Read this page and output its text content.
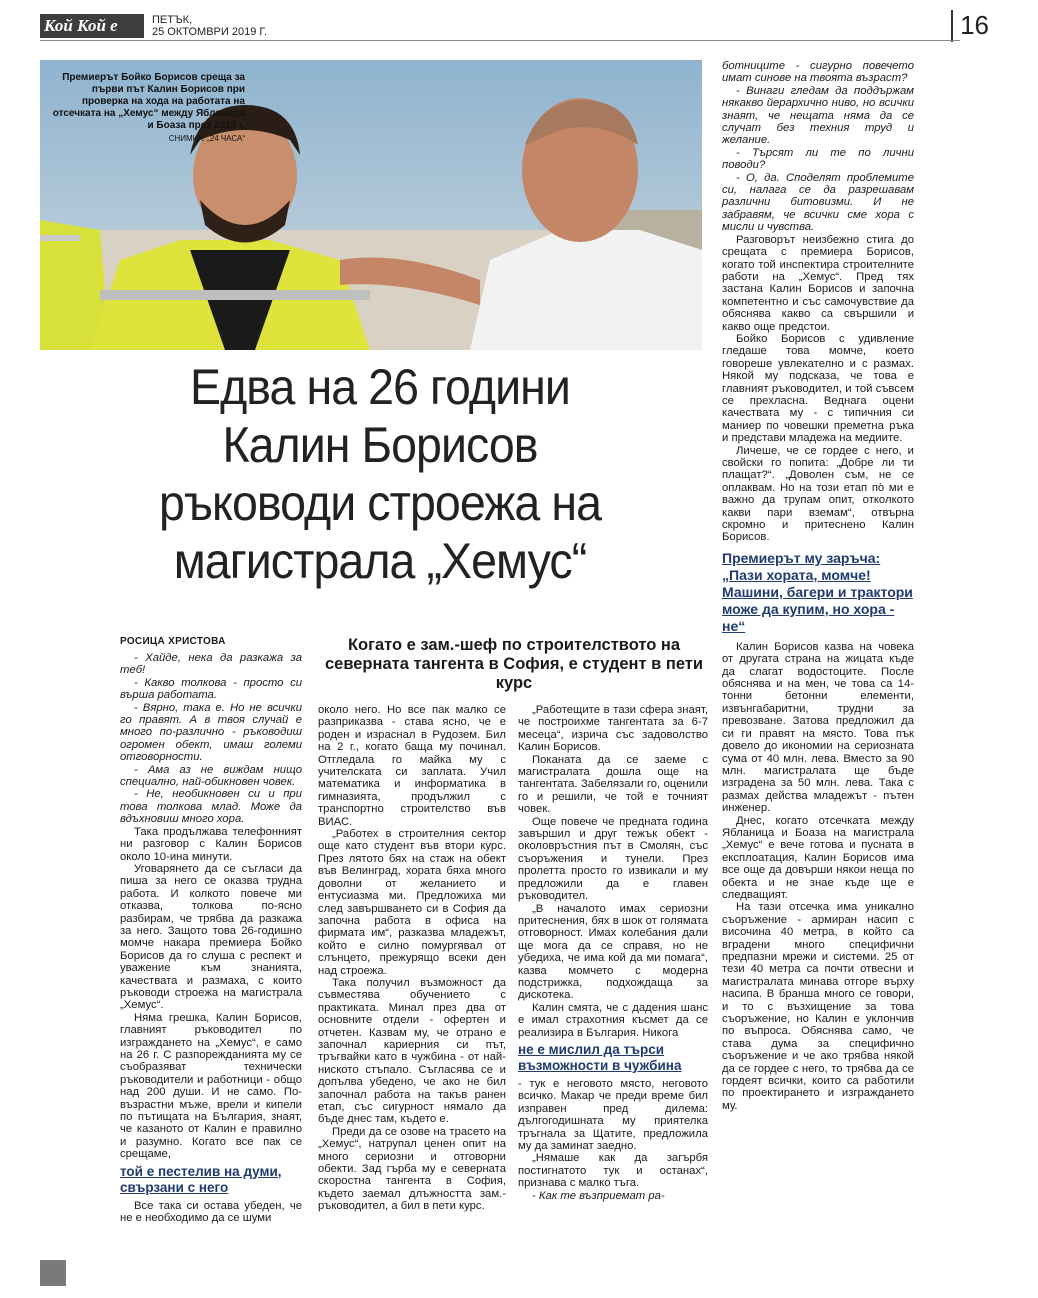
Кой Кой е	ПЕТЪК,
25 ОКТОМВРИ 2019 Г.	16
Премиерът Бойко Борисов среща за първи път Калин Борисов при проверка на хода на работата на отсечката на „Хемус“ между Ябланица и Боаза през 2018 г.
СНИМКА: „24 ЧАСА“
Едва на 26 години
Калин Борисов
ръководи строежа на
магистрала „Хемус“
РОСИЦА ХРИСТОВА	Когато е зам.-шеф по строителството на северната тангента в София, е студент в пети курс

- Хайде, нека да разкажа за теб!

- Какво толкова - просто си върша работата.

- Вярно, така е. Но не всички го правят. А в твоя случай е много по-различно - ръководиш огромен обект, имаш големи отговорности.

- Ама аз не виждам нищо специално, най-обикновен човек.

- Не, необикновен си и при това толкова млад. Може да вдъхновиш много хора.

Така продължава телефонният ни разговор с Калин Борисов около 10-ина минути.

Уговарянето да се съгласи да пиша за него се оказва трудна работа. И колкото повече ми отказва, толкова по-ясно разбирам, че трябва да разкажа за него. Защото това 26-годишно момче накара премиера Бойко Борисов да го слуша с респект и уважение към знанията, качествата и размаха, с които ръководи строежа на магистрала „Хемус“.

Няма грешка, Калин Борисов, главният ръководител по изграждането на „Хемус“, е само на 26 г. С разпорежданията му се съобразяват технически ръководители и работници - общо над 200 души. И не само. По-възрастни мъже, врели и кипели по пътищата на България, знаят, че казаното от Калин е правилно и разумно. Когато все пак се срещаме,

той е пестелив на думи, свързани с него

Все така си остава убеден, че не е необходимо да се шуми

около него. Но все пак малко се разприказва - става ясно, че е роден и израснал в Рудозем. Бил на 2 г., когато баща му починал. Отгледала го майка му с учителската си заплата. Учил математика и информатика в гимназията, продължил с транспортно строителство във ВИАС.

„Работех в строителния сектор още като студент във втори курс. През лятото бях на стаж на обект във Велинград, хората бяха много доволни от желанието и ентусиазма ми. Предложиха ми след завършването си в София да започна работа в офиса на фирмата им“, разказва младежът, който е силно помургявал от слънцето, прежурящо всеки ден над строежа.

Така получил възможност да съвместява обучението с практиката. Минал през два от основните отдели - офертен и отчетен. Казвам му, че отрано е започнал кариерния си път, тръгвайки като в чужбина - от най-ниското стъпало. Съгласява се и допълва убедено, че ако не бил започнал работа на такъв ранен етап, със сигурност нямало да бъде днес там, където е.

Преди да се озове на трасето на „Хемус“, натрупал ценен опит на много сериозни и отговорни обекти. Зад гърба му е северната скоростна тангента в София, където заемал длъжността зам.-ръководител, а бил в пети курс.

„Работещите в тази сфера знаят, че построихме тангентата за 6-7 месеца“, изрича със задоволство Калин Борисов.

Поканата да се заеме с магистралата дошла още на тангентата. Забелязали го, оценили го и решили, че той е точният човек.

Още повече че предната година завършил и друг тежък обект - околовръстния път в Смолян, със съоръжения и тунели. През пролетта просто го извикали и му предложили да е главен ръководител.

„В началото имах сериозни притеснения, бях в шок от голямата отговорност. Имах колебания дали ще мога да се справя, но не убедиха, че има кой да ми помага“, казва момчето с модерна подстрижка, подхождаща за дискотека.

Калин смята, че с дадения шанс е имал страхотния късмет да се реализира в България. Никога

не е мислил да търси възможности в чужбина

- тук е неговото място, неговото всичко. Макар че преди време бил изправен пред дилема: дългогодишната му приятелка тръгнала за Щатите, предложила му да заминат заедно.

„Нямаше как да загърбя постигнатото тук и останах“, признава с малко тъга.

- Как те възприемат ра-

ботниците - сигурно повечето имат синове на твоята възраст?

- Винаги гледам да поддържам някакво йерархично ниво, но всички знаят, че нещата няма да се случат без техния труд и желание.

- Търсят ли те по лични поводи?

- О, да. Споделят проблемите си, налага се да разрешавам различни битовизми. И не забравям, че всички сме хора с мисли и чувства.

Разговорът неизбежно стига до срещата с премиера Борисов, когато той инспектира строителните работи на „Хемус“. Пред тях застана Калин Борисов и започна компетентно и със самочувствие да обяснява какво са свършили и какво още предстои.

Бойко Борисов с удивление гледаше това момче, което говореше увлекателно и с размах. Някой му подсказа, че това е главният ръководител, и той съвсем се прехласна. Веднага оцени качествата му - с типичния си маниер по човешки преметна ръка и представи младежа на медиите.

Личеше, че се гордее с него, и свойски го попита: „Добре ли ти плащат?“. „Доволен съм, не се оплаквам. Но на този етап по̀ ми е важно да трупам опит, отколкото какви пари вземам“, отвърна скромно и притеснено Калин Борисов.

Премиерът му заръча: „Пази хората, момче! Машини, багери и трактори може да купим, но хора - не“

Калин Борисов казва на човека от другата страна на жицата къде да слагат водостоците. После обяснява и на мен, че това са 14-тонни бетонни елементи, извънгабаритни, трудни за превозване. Затова предложил да си ги правят на място. Това пък довело до икономии на сериозната сума от 40 млн. лева. Вместо за 90 млн. магистралата ще бъде изградена за 50 млн. лева. Така с размах действа младежът - пътен инженер.

Днес, когато отсечката между Ябланица и Боаза на магистрала „Хемус“ е вече готова и пусната в експлоатация, Калин Борисов има все още да довърши някои неща по обекта и не знае къде ще е следващият.

На тази отсечка има уникално съоръжение - армиран насип с височина 40 метра, в който са вградени много специфични предпазни мрежи и системи. 25 от тези 40 метра са почти отвесни и магистралата минава отгоре върху насипа. В бранша много се говори, и то с възхищение за това съоръжение, но Калин е уклончив по въпроса. Обяснява само, че става дума за специфично съоръжение и че ако трябва някой да се гордее с него, то трябва да се гордеят всички, които са работили по проектирането и изграждането му.
